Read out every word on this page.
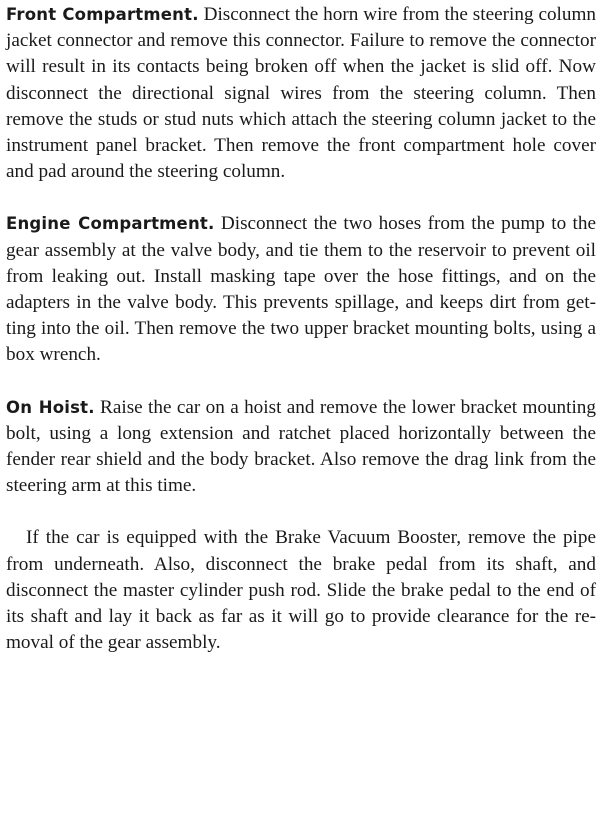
Front Compartment. Disconnect the horn wire from the steering column jacket connector and remove this connector. Failure to remove the connector will result in its contacts being broken off when the jacket is slid off. Now disconnect the directional signal wires from the steering column. Then remove the studs or stud nuts which attach the steering column jacket to the instrument panel bracket. Then remove the front compartment hole cover and pad around the steering column.

Engine Compartment. Disconnect the two hoses from the pump to the gear assembly at the valve body, and tie them to the reservoir to prevent oil from leaking out. Install masking tape over the hose fittings, and on the adapters in the valve body. This prevents spillage, and keeps dirt from getting into the oil. Then remove the two upper bracket mounting bolts, using a box wrench.

On Hoist. Raise the car on a hoist and remove the lower bracket mounting bolt, using a long extension and ratchet placed horizontally between the fender rear shield and the body bracket. Also remove the drag link from the steering arm at this time.

If the car is equipped with the Brake Vacuum Booster, remove the pipe from underneath. Also, disconnect the brake pedal from its shaft, and disconnect the master cylinder push rod. Slide the brake pedal to the end of its shaft and lay it back as far as it will go to provide clearance for the removal of the gear assembly.
